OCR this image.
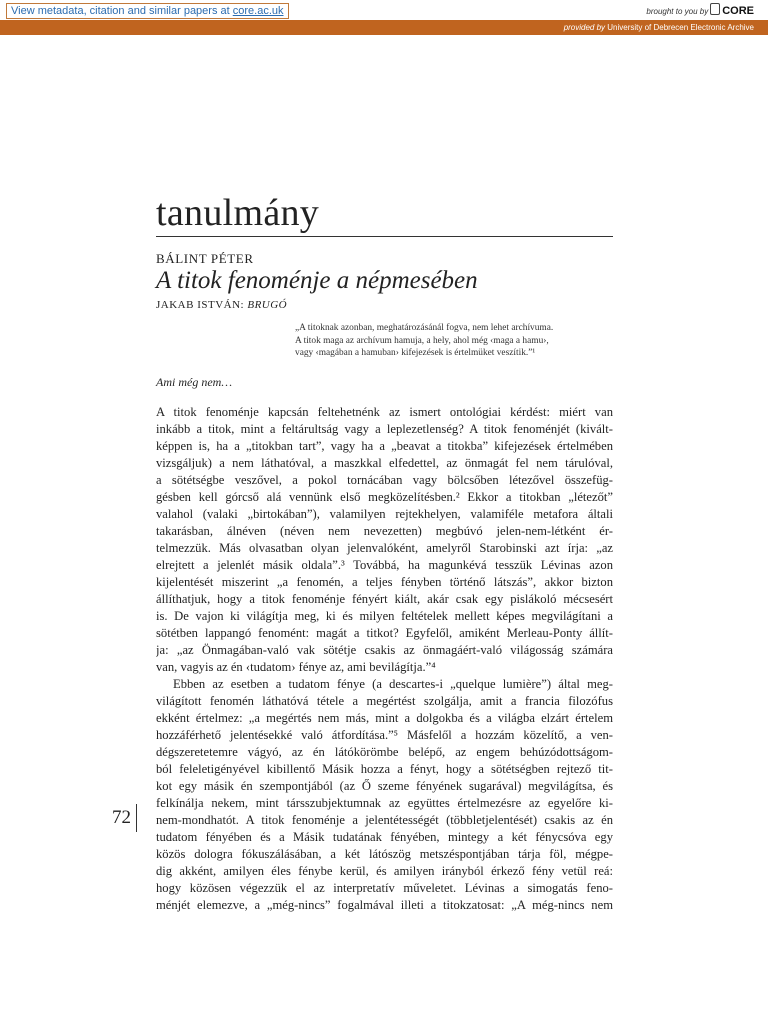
View metadata, citation and similar papers at core.ac.uk	brought to you by CORE
provided by University of Debrecen Electronic Archive
tanulmány
BÁLINT PÉTER
A titok fenoménje a népmesében
JAKAB ISTVÁN: BRUGÓ
„A titoknak azonban, meghatározásánál fogva, nem lehet archívuma.
A titok maga az archívum hamuja, a hely, ahol még ‹maga a hamu›,
vagy ‹magában a hamuban› kifejezések is értelmüket veszítik.”¹
Ami még nem…
A titok fenoménje kapcsán feltehetnénk az ismert ontológiai kérdést: miért van
inkább a titok, mint a feltárultság vagy a leplezetlenség? A titok fenoménjét (kivált-
képpen is, ha a „titokban tart”, vagy ha a „beavat a titokba” kifejezések értelmében
vizsgáljuk) a nem láthatóval, a maszkkal elfedettel, az önmagát fel nem tárulóval,
a sötétségbe veszővel, a pokol tornácában vagy bölcsőben létezővel összefüg-
gésben kell górcső alá vennünk első megközelítésben.² Ekkor a titokban „létezőt”
valahol (valaki „birtokában”), valamilyen rejtekhelyen, valamiféle metafora általi
takarásban, álnéven (néven nem nevezetten) megbúvó jelen-nem-létként ér-
telmezzük. Más olvasatban olyan jelenvalóként, amelyről Starobinski azt írja: „az
elrejtett a jelenlét másik oldala”.³ Továbbá, ha magunkévá tesszük Lévinas azon
kijelentését miszerint „a fenomén, a teljes fényben történő látszás”, akkor bizton
állíthatjuk, hogy a titok fenoménje fényért kiált, akár csak egy pislákoló mécsesért
is. De vajon ki világítja meg, ki és milyen feltételek mellett képes megvilágítani a
sötétben lappangó fenomént: magát a titkot? Egyfelől, amiként Merleau-Ponty állít-
ja: „az Önmagában-való vak sötétje csakis az önmagáért-való világosság számára
van, vagyis az én ‹tudatom› fénye az, ami bevilágítja.”⁴
Ebben az esetben a tudatom fénye (a descartes-i „quelque lumière”) által meg-
világított fenomén láthatóvá tétele a megértést szolgálja, amit a francia filozófus
ekként értelmez: „a megértés nem más, mint a dolgokba és a világba elzárt értelem
hozzáférhető jelentésekké való átfordítása.”⁵ Másfelől a hozzám közelítő, a ven-
dégszeretetemre vágyó, az én látókörömbe belépő, az engem behúzódottságom-
ból feleletigényével kibillentő Másik hozza a fényt, hogy a sötétségben rejtező tit-
kot egy másik én szempontjából (az Ő szeme fényének sugarával) megvilágítsa, és
felkínálja nekem, mint társszubjektumnak az együttes értelmezésre az egyelőre ki-
nem-mondhatót. A titok fenoménje a jelentétességét (többletjelentését) csakis az én
tudatom fényében és a Másik tudatának fényében, mintegy a két fénycsóva egy
közös dologra fókuszálásában, a két látószög metszéspontjában tárja föl, mégpe-
dig akként, amilyen éles fénybe kerül, és amilyen irányból érkező fény vetül reá:
hogy közösen végezzük el az interpretatív műveletet. Lévinas a simogatás feno-
ménjét elemezve, a „még-nincs” fogalmával illeti a titokzatosat: „A még-nincs nem
72
